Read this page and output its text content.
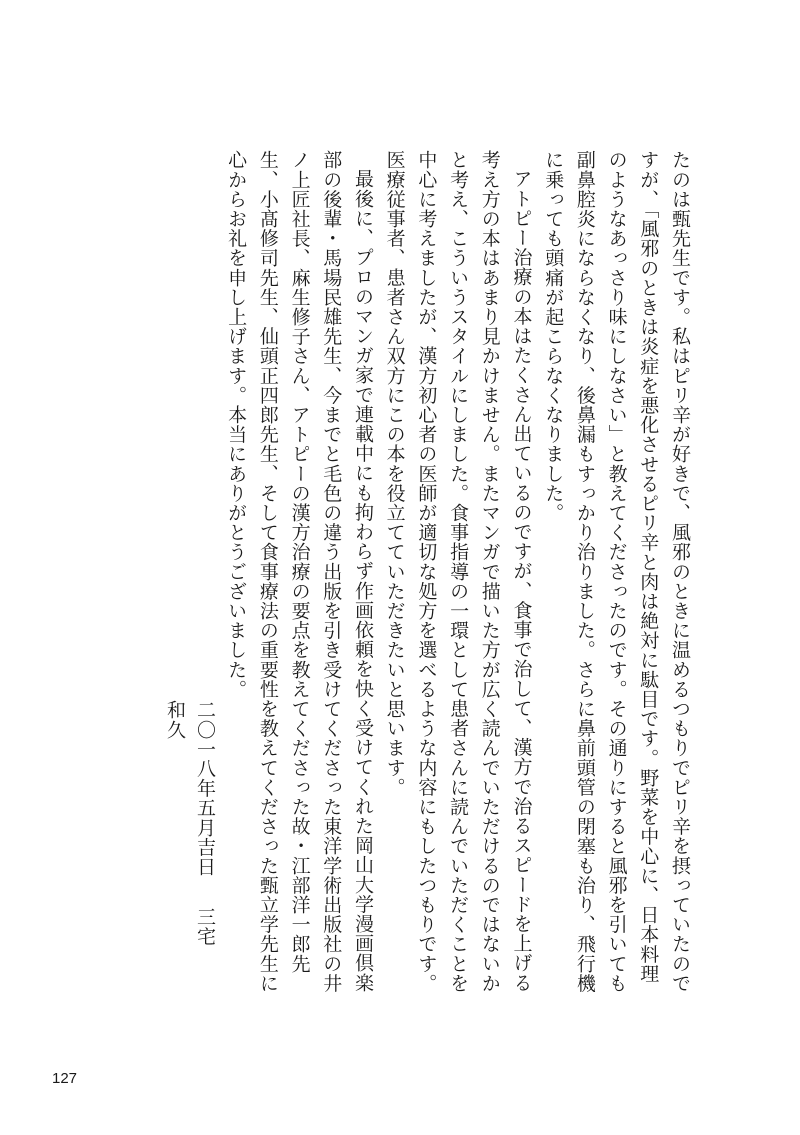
たのは甄先生です。私はピリ辛が好きで、風邪のときに温めるつもりでピリ辛を摂っていたのですが、「風邪のときは炎症を悪化させるピリ辛と肉は絶対に駄目です。野菜を中心に、日本料理のようなあっさり味にしなさい」と教えてくださったのです。その通りにすると風邪を引いても副鼻腔炎にならなくなり、後鼻漏もすっかり治りました。さらに鼻前頭管の閉塞も治り、飛行機に乗っても頭痛が起こらなくなりました。

アトピー治療の本はたくさん出ているのですが、食事で治して、漢方で治るスピードを上げる考え方の本はあまり見かけません。またマンガで描いた方が広く読んでいただけるのではないかと考え、こういうスタイルにしました。食事指導の一環として患者さんに読んでいただくことを中心に考えましたが、漢方初心者の医師が適切な処方を選べるような内容にもしたつもりです。医療従事者、患者さん双方にこの本を役立てていただきたいと思います。

最後に、プロのマンガ家で連載中にも拘わらず作画依頼を快く受けてくれた岡山大学漫画倶楽部の後輩・馬場民雄先生、今までと毛色の違う出版を引き受けてくださった東洋学術出版社の井ノ上匠社長、麻生修子さん、アトピーの漢方治療の要点を教えてくださった故・江部洋一郎先生、小髙修司先生、仙頭正四郎先生、そして食事療法の重要性を教えてくださった甄立学先生に心からお礼を申し上げます。本当にありがとうございました。

二〇一八年五月吉日三宅　和久

127
